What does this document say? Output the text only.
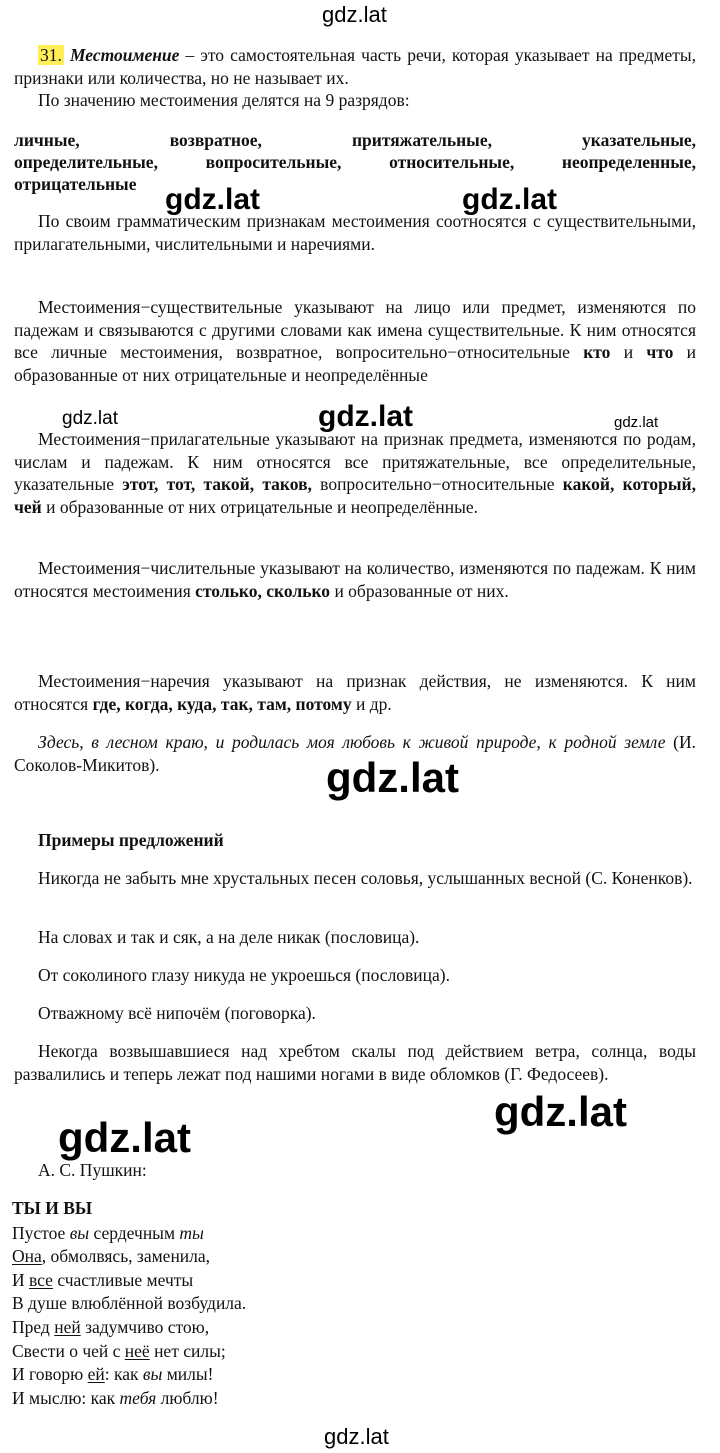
gdz.lat
gdz.lat	gdz.lat
gdz.lat	gdz.lat	gdz.lat
gdz.lat
gdz.lat
gdz.lat
gdz.lat
31. Местоимение – это самостоятельная часть речи, которая указывает на предметы, признаки или количества, но не называет их.
По значению местоимения делятся на 9 разрядов:
личные,	возвратное,	притяжательные,	указательные,
определительные,	вопросительные,	относительные,	неопределенные,
отрицательные
По своим грамматическим признакам местоимения соотносятся с существительными, прилагательными, числительными и наречиями.
Местоимения−существительные указывают на лицо или предмет, изменяются по падежам и связываются с другими словами как имена существительные. К ним относятся все личные местоимения, возвратное, вопросительно−относительные кто и что и образованные от них отрицательные и неопределённые
Местоимения−прилагательные указывают на признак предмета, изменяются по родам, числам и падежам. К ним относятся все притяжательные, все определительные, указательные этот, тот, такой, таков, вопросительно−относительные какой, который, чей и образованные от них отрицательные и неопределённые.
Местоимения−числительные указывают на количество, изменяются по падежам. К ним относятся местоимения столько, сколько и образованные от них.
Местоимения−наречия указывают на признак действия, не изменяются. К ним относятся где, когда, куда, так, там, потому и др.
Здесь, в лесном краю, и родилась моя любовь к живой природе, к родной земле (И. Соколов-Микитов).
Примеры предложений
Никогда не забыть мне хрустальных песен соловья, услышанных весной (С. Коненков).
На словах и так и сяк, а на деле никак (пословица).
От соколиного глазу никуда не укроешься (пословица).
Отважному всё нипочём (поговорка).
Некогда возвышавшиеся над хребтом скалы под действием ветра, солнца, воды развалились и теперь лежат под нашими ногами в виде обломков (Г. Федосеев).
А. С. Пушкин:
ТЫ И ВЫ
Пустое вы сердечным ты
Она, обмолвясь, заменила,
И все счастливые мечты
В душе влюблённой возбудила.
Пред ней задумчиво стою,
Свести о чей с неё нет силы;
И говорю ей: как вы милы!
И мыслю: как тебя люблю!
